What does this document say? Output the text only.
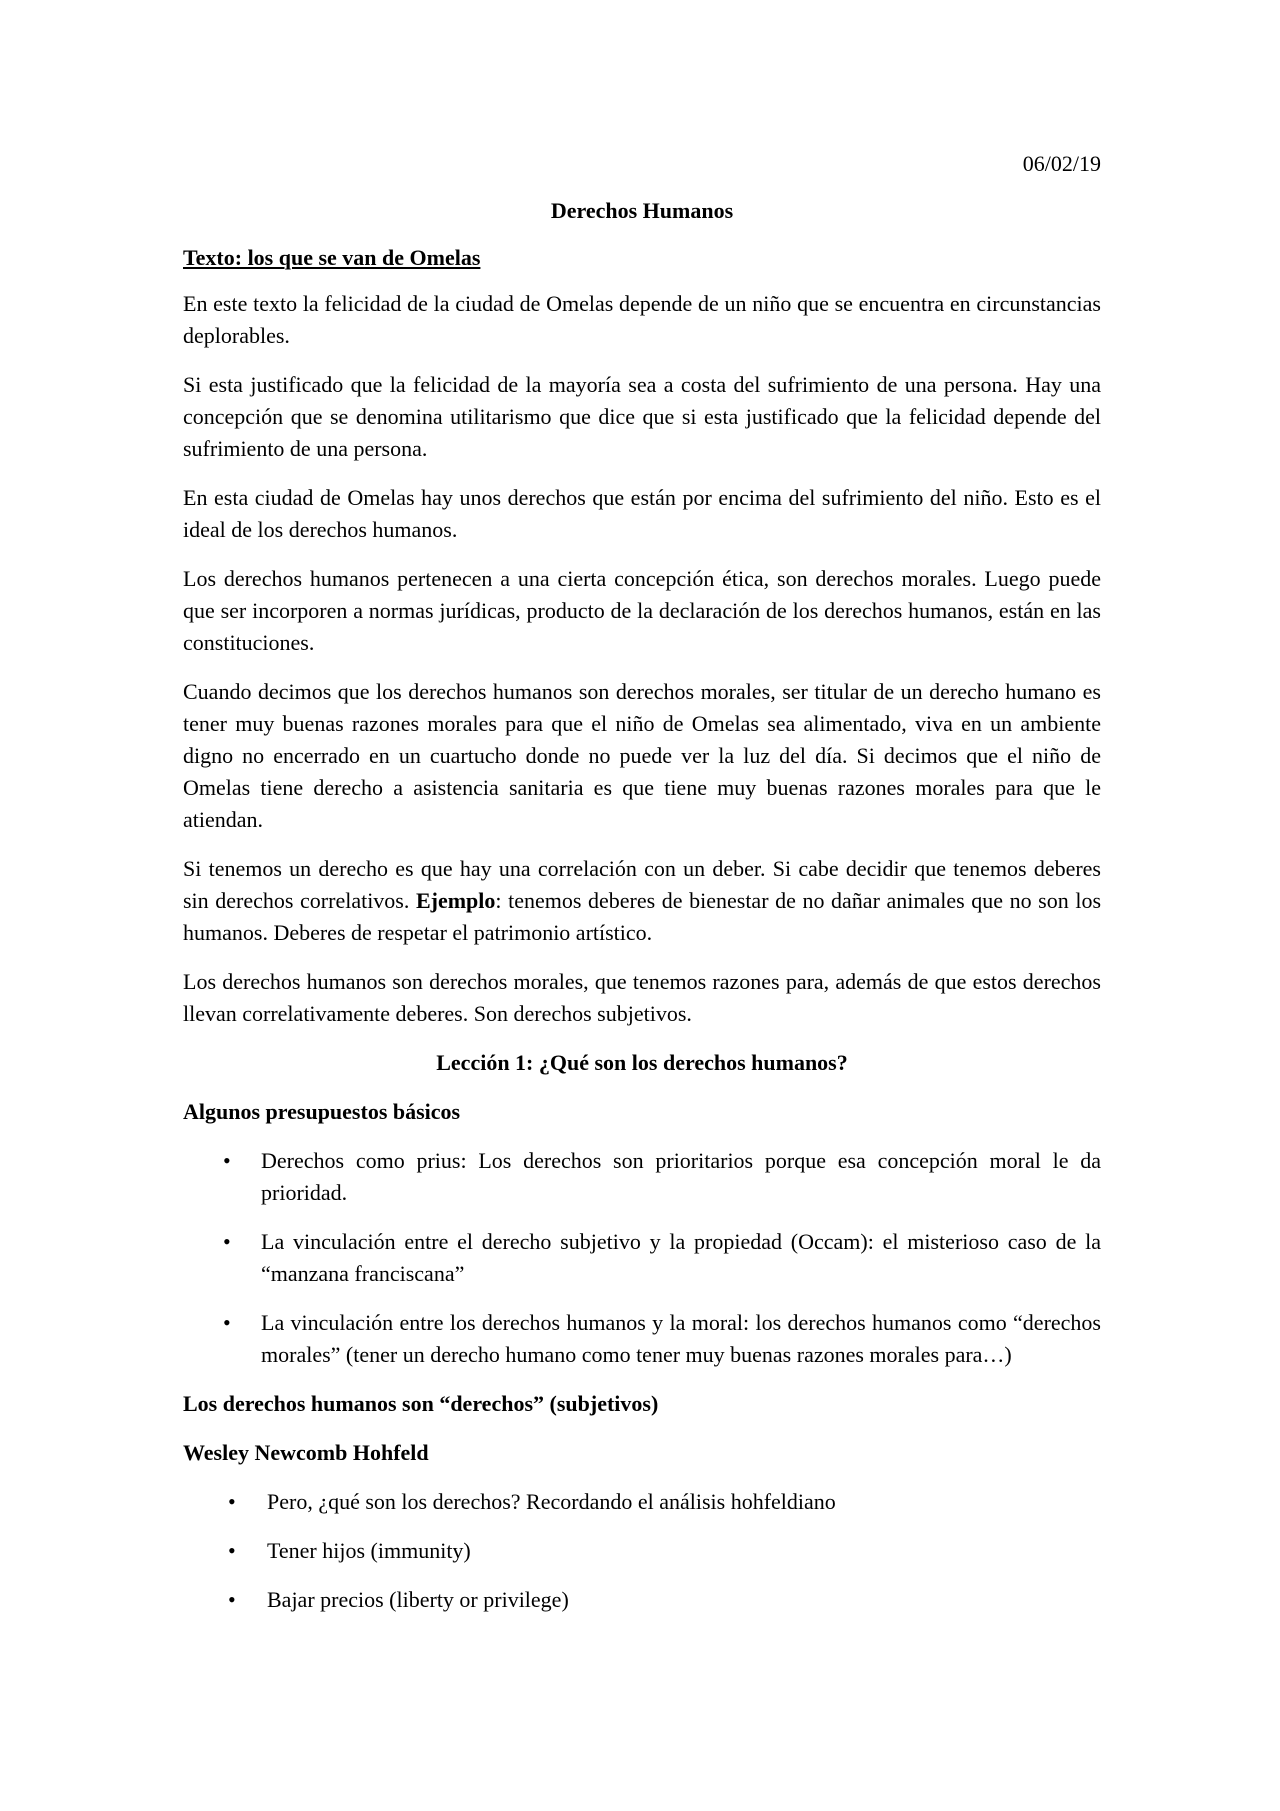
06/02/19

Derechos Humanos

Texto: los que se van de Omelas

En este texto la felicidad de la ciudad de Omelas depende de un niño que se encuentra en circunstancias deplorables.

Si esta justificado que la felicidad de la mayoría sea a costa del sufrimiento de una persona. Hay una concepción que se denomina utilitarismo que dice que si esta justificado que la felicidad depende del sufrimiento de una persona.

En esta ciudad de Omelas hay unos derechos que están por encima del sufrimiento del niño. Esto es el ideal de los derechos humanos.

Los derechos humanos pertenecen a una cierta concepción ética, son derechos morales. Luego puede que ser incorporen a normas jurídicas, producto de la declaración de los derechos humanos, están en las constituciones.

Cuando decimos que los derechos humanos son derechos morales, ser titular de un derecho humano es tener muy buenas razones morales para que el niño de Omelas sea alimentado, viva en un ambiente digno no encerrado en un cuartucho donde no puede ver la luz del día. Si decimos que el niño de Omelas tiene derecho a asistencia sanitaria es que tiene muy buenas razones morales para que le atiendan.

Si tenemos un derecho es que hay una correlación con un deber. Si cabe decidir que tenemos deberes sin derechos correlativos. Ejemplo: tenemos deberes de bienestar de no dañar animales que no son los humanos. Deberes de respetar el patrimonio artístico.

Los derechos humanos son derechos morales, que tenemos razones para, además de que estos derechos llevan correlativamente deberes. Son derechos subjetivos.

Lección 1: ¿Qué son los derechos humanos?

Algunos presupuestos básicos

• Derechos como prius: Los derechos son prioritarios porque esa concepción moral le da prioridad.
• La vinculación entre el derecho subjetivo y la propiedad (Occam): el misterioso caso de la “manzana franciscana”
• La vinculación entre los derechos humanos y la moral: los derechos humanos como “derechos morales” (tener un derecho humano como tener muy buenas razones morales para…)

Los derechos humanos son “derechos” (subjetivos)

Wesley Newcomb Hohfeld

• Pero, ¿qué son los derechos? Recordando el análisis hohfeldiano
• Tener hijos (immunity)
• Bajar precios (liberty or privilege)
